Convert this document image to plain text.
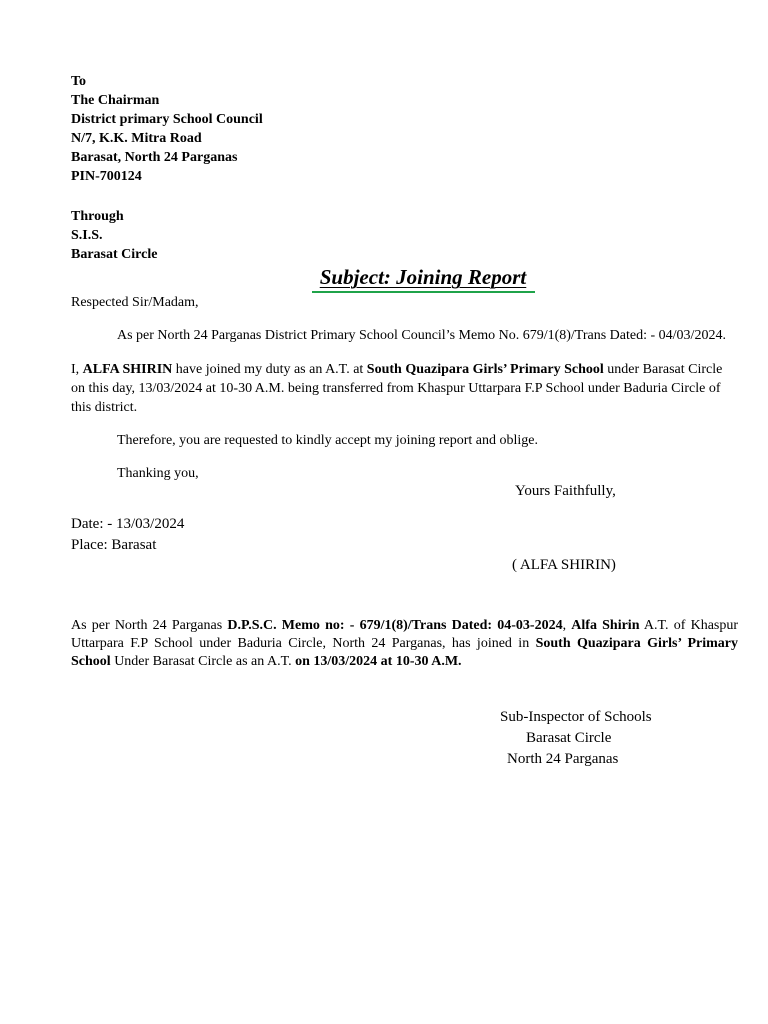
To
The Chairman
District primary School Council
N/7, K.K. Mitra Road
Barasat, North 24 Parganas
PIN-700124
Through
S.I.S.
Barasat Circle
Subject: Joining Report
Respected Sir/Madam,
As per North 24 Parganas District Primary School Council’s Memo No. 679/1(8)/Trans Dated: - 04/03/2024.
I, ALFA SHIRIN have joined my duty as an A.T. at South Quazipara Girls’ Primary School under Barasat Circle on this day, 13/03/2024 at 10-30 A.M. being transferred from Khaspur Uttarpara F.P School under Baduria Circle of this district.
Therefore, you are requested to kindly accept my joining report and oblige.
Thanking you,
Yours Faithfully,
Date: - 13/03/2024
Place: Barasat
( ALFA SHIRIN)
As per North 24 Parganas D.P.S.C. Memo no: - 679/1(8)/Trans Dated: 04-03-2024, Alfa Shirin A.T. of Khaspur Uttarpara F.P School under Baduria Circle, North 24 Parganas, has joined in South Quazipara Girls’ Primary School Under Barasat Circle as an A.T. on 13/03/2024 at 10-30 A.M.
Sub-Inspector of Schools
Barasat Circle
North 24 Parganas
